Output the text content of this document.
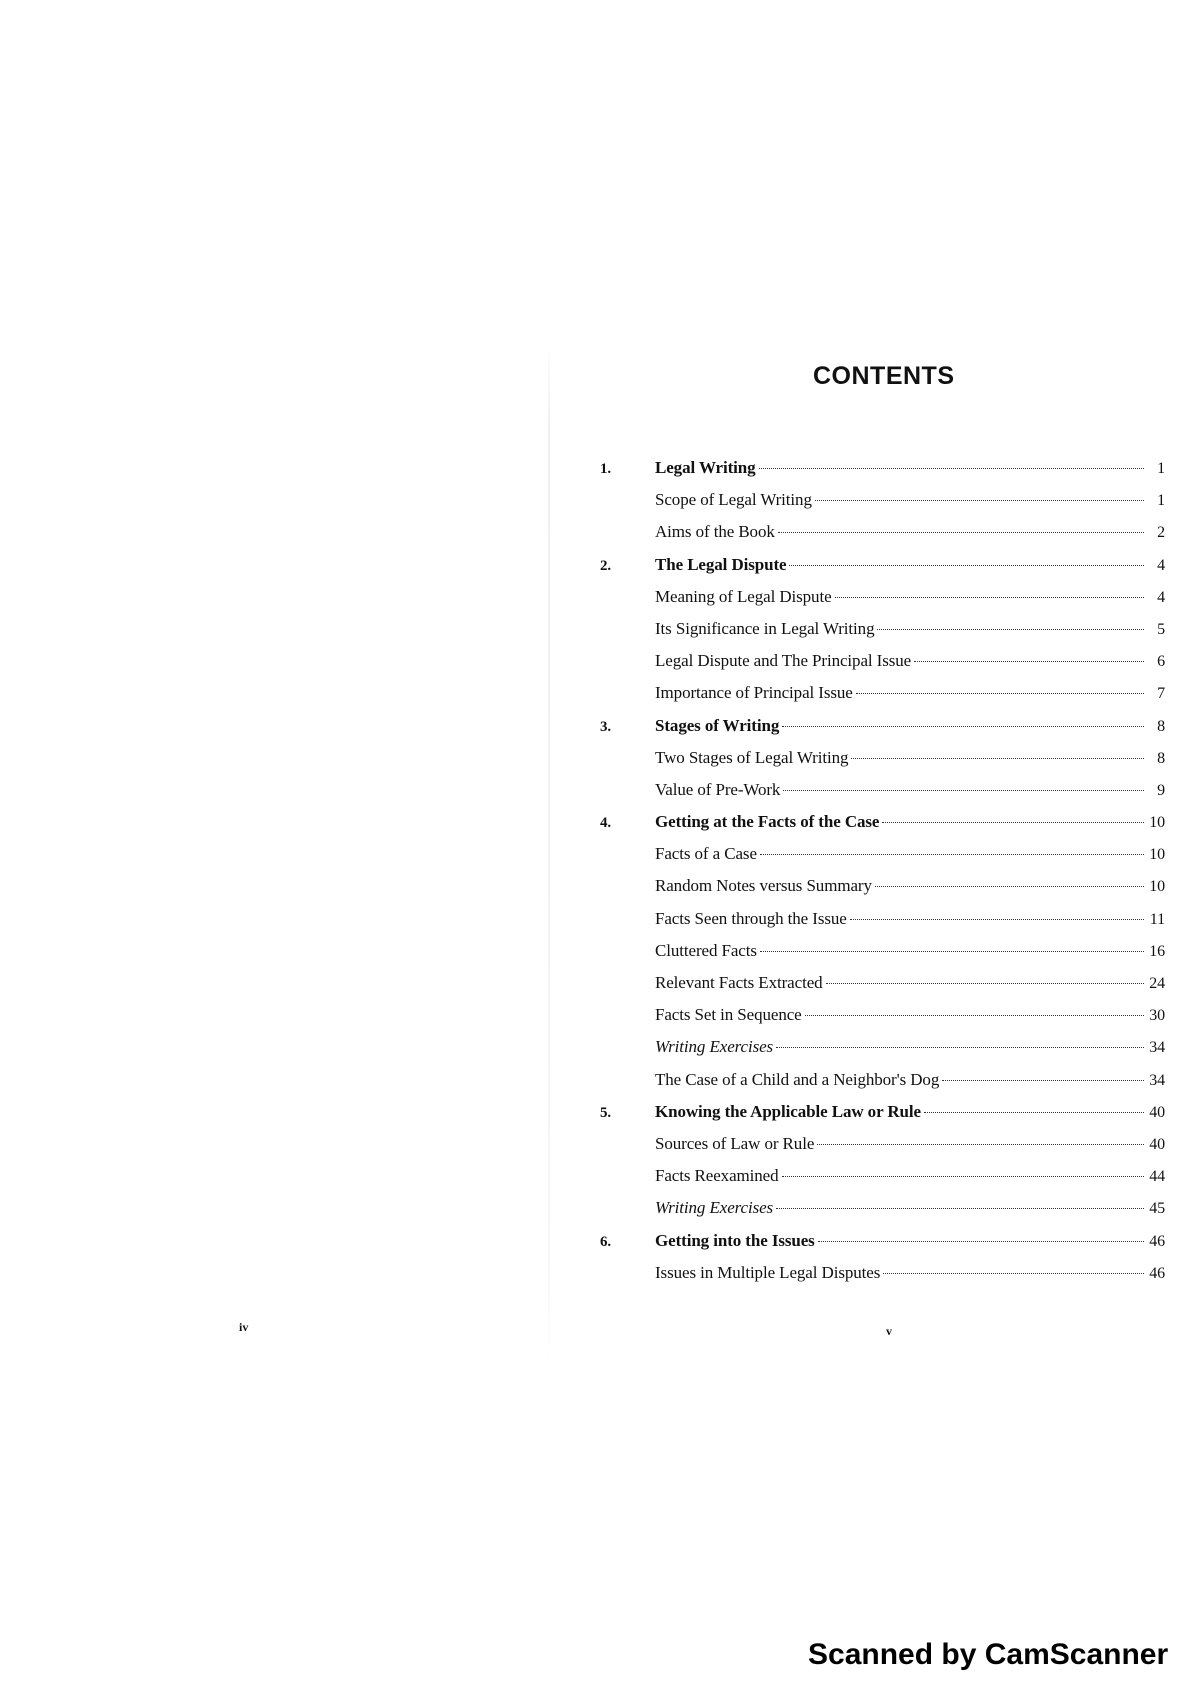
CONTENTS
1.	Legal Writing	1
Scope of Legal Writing	1
Aims of the Book	2
2.	The Legal Dispute	4
Meaning of Legal Dispute	4
Its Significance in Legal Writing	5
Legal Dispute and The Principal Issue	6
Importance of Principal Issue	7
3.	Stages of Writing	8
Two Stages of Legal Writing	8
Value of Pre-Work	9
4.	Getting at the Facts of the Case	10
Facts of a Case	10
Random Notes versus Summary	10
Facts Seen through the Issue	11
Cluttered Facts	16
Relevant Facts Extracted	24
Facts Set in Sequence	30
Writing Exercises	34
The Case of a Child and a Neighbor's Dog	34
5.	Knowing the Applicable Law or Rule	40
Sources of Law or Rule	40
Facts Reexamined	44
Writing Exercises	45
6.	Getting into the Issues	46
Issues in Multiple Legal Disputes	46
iv	v
Scanned by CamScanner
